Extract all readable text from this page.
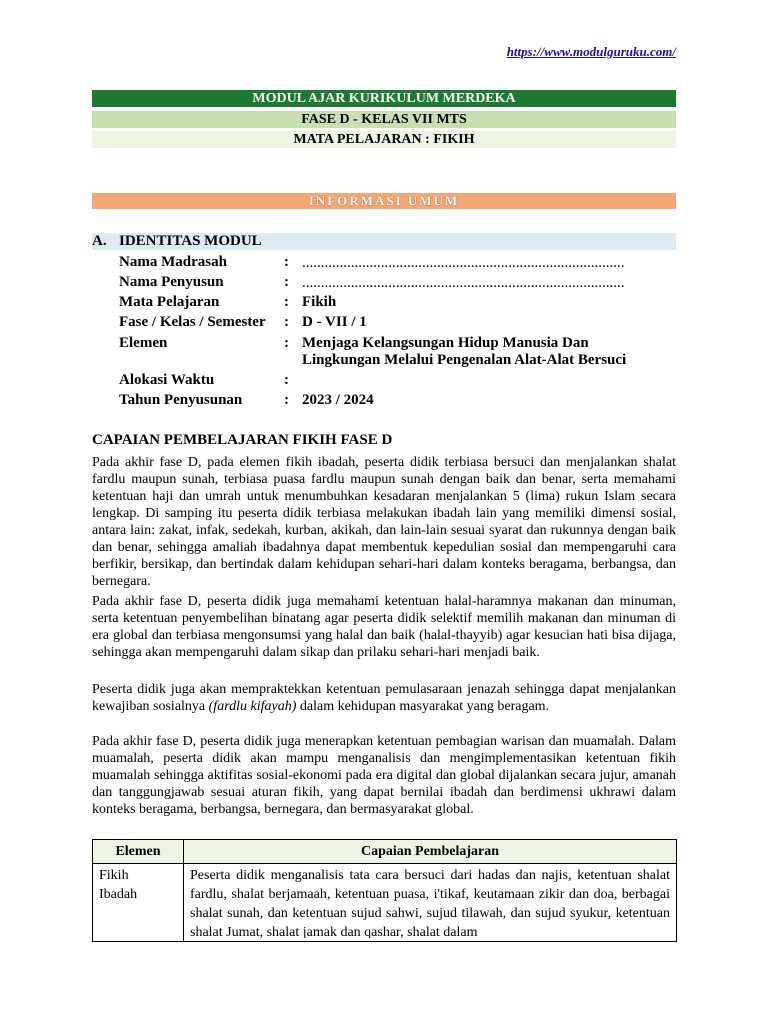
https://www.modulguruku.com/
MODUL AJAR KURIKULUM MERDEKA
FASE D - KELAS VII MTS
MATA PELAJARAN : FIKIH
INFORMASI UMUM
A. IDENTITAS MODUL
Nama Madrasah	: ......................................................................................
Nama Penyusun	: ......................................................................................
Mata Pelajaran	: Fikih
Fase / Kelas / Semester : D - VII / 1
Elemen	: Menjaga Kelangsungan Hidup Manusia Dan
Lingkungan Melalui Pengenalan Alat-Alat Bersuci
Alokasi Waktu	:
Tahun Penyusunan	: 2023 / 2024
CAPAIAN PEMBELAJARAN FIKIH FASE D
Pada akhir fase D, pada elemen fikih ibadah, peserta didik terbiasa bersuci dan menjalankan shalat fardlu maupun sunah, terbiasa puasa fardlu maupun sunah dengan baik dan benar, serta memahami ketentuan haji dan umrah untuk menumbuhkan kesadaran menjalankan 5 (lima) rukun Islam secara lengkap. Di samping itu peserta didik terbiasa melakukan ibadah lain yang memiliki dimensi sosial, antara lain: zakat, infak, sedekah, kurban, akikah, dan lain-lain sesuai syarat dan rukunnya dengan baik dan benar, sehingga amaliah ibadahnya dapat membentuk kepedulian sosial dan mempengaruhi cara berfikir, bersikap, dan bertindak dalam kehidupan sehari-hari dalam konteks beragama, berbangsa, dan bernegara.
Pada akhir fase D, peserta didik juga memahami ketentuan halal-haramnya makanan dan minuman, serta ketentuan penyembelihan binatang agar peserta didik selektif memilih makanan dan minuman di era global dan terbiasa mengonsumsi yang halal dan baik (halal-thayyib) agar kesucian hati bisa dijaga, sehingga akan mempengaruhi dalam sikap dan prilaku sehari-hari menjadi baik.
Peserta didik juga akan mempraktekkan ketentuan pemulasaraan jenazah sehingga dapat menjalankan kewajiban sosialnya (fardlu kifayah) dalam kehidupan masyarakat yang beragam.
Pada akhir fase D, peserta didik juga menerapkan ketentuan pembagian warisan dan muamalah. Dalam muamalah, peserta didik akan mampu menganalisis dan mengimplementasikan ketentuan fikih muamalah sehingga aktifitas sosial-ekonomi pada era digital dan global dijalankan secara jujur, amanah dan tanggungjawab sesuai aturan fikih, yang dapat bernilai ibadah dan berdimensi ukhrawi dalam konteks beragama, berbangsa, bernegara, dan bermasyarakat global.
Elemen	Capaian Pembelajaran

Fikih
Ibadah	Peserta didik menganalisis tata cara bersuci dari hadas dan najis, ketentuan shalat fardlu, shalat berjamaah, ketentuan puasa, i'tikaf, keutamaan zikir dan doa, berbagai shalat sunah, dan ketentuan sujud sahwi, sujud tilawah, dan sujud syukur, ketentuan shalat Jumat, shalat jamak dan qashar, shalat dalam
